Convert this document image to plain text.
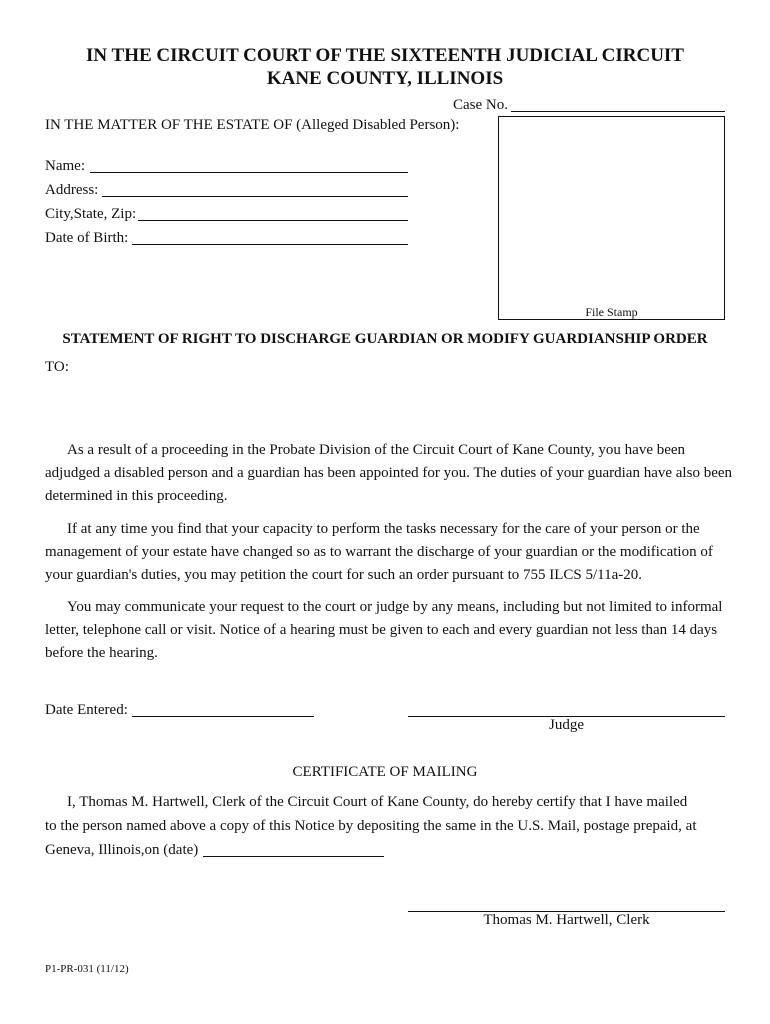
IN THE CIRCUIT COURT OF THE SIXTEENTH JUDICIAL CIRCUIT
KANE COUNTY, ILLINOIS
Case No.
IN THE MATTER OF THE ESTATE OF (Alleged Disabled Person):
Name:
Address:
City,State, Zip:
Date of Birth:
File Stamp
STATEMENT OF RIGHT TO DISCHARGE GUARDIAN OR MODIFY GUARDIANSHIP ORDER
TO:
As a result of a proceeding in the Probate Division of the Circuit Court of Kane County, you have been adjudged a disabled person and a guardian has been appointed for you. The duties of your guardian have also been determined in this proceeding.
If at any time you find that your capacity to perform the tasks necessary for the care of your person or the management of your estate have changed so as to warrant the discharge of your guardian or the modification of your guardian's duties, you may petition the court for such an order pursuant to 755 ILCS 5/11a-20.
You may communicate your request to the court or judge by any means, including but not limited to informal letter, telephone call or visit. Notice of a hearing must be given to each and every guardian not less than 14 days before the hearing.
Date Entered:
Judge
CERTIFICATE OF MAILING
I, Thomas M. Hartwell, Clerk of the Circuit Court of Kane County, do hereby certify that I have mailed
to the person named above a copy of this Notice by depositing the same in the U.S. Mail, postage prepaid, at
Geneva, Illinois,on (date)
Thomas M. Hartwell, Clerk
P1-PR-031 (11/12)
